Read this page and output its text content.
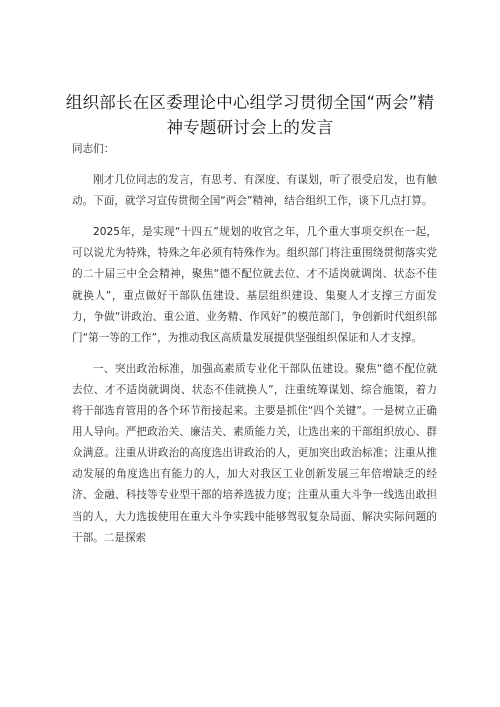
组织部长在区委理论中心组学习贯彻全国“两会”精神专题研讨会上的发言

同志们：

刚才几位同志的发言，有思考、有深度、有谋划，听了很受启发，也有触动。下面，就学习宣传贯彻全国“两会”精神，结合组织工作，谈下几点打算。

2025年，是实现“十四五”规划的收官之年，几个重大事项交织在一起，可以说尤为特殊，特殊之年必须有特殊作为。组织部门将注重围绕贯彻落实党的二十届三中全会精神，聚焦“德不配位就去位、才不适岗就调岗、状态不佳就换人”，重点做好干部队伍建设、基层组织建设、集聚人才支撑三方面发力，争做“讲政治、重公道、业务精、作风好”的模范部门，争创新时代组织部门“第一等的工作”，为推动我区高质量发展提供坚强组织保证和人才支撑。

一、突出政治标准，加强高素质专业化干部队伍建设。聚焦“德不配位就去位、才不适岗就调岗、状态不佳就换人”，注重统筹谋划、综合施策，着力将干部选育管用的各个环节衔接起来。主要是抓住“四个关键”。一是树立正确用人导向。严把政治关、廉洁关、素质能力关，让选出来的干部组织放心、群众满意。注重从讲政治的高度选出讲政治的人，更加突出政治标准；注重从推动发展的角度选出有能力的人，加大对我区工业创新发展三年倍增缺乏的经济、金融、科技等专业型干部的培养选拔力度；注重从重大斗争一线选出敢担当的人，大力选拔使用在重大斗争实践中能够驾驭复杂局面、解决实际问题的干部。二是探索
